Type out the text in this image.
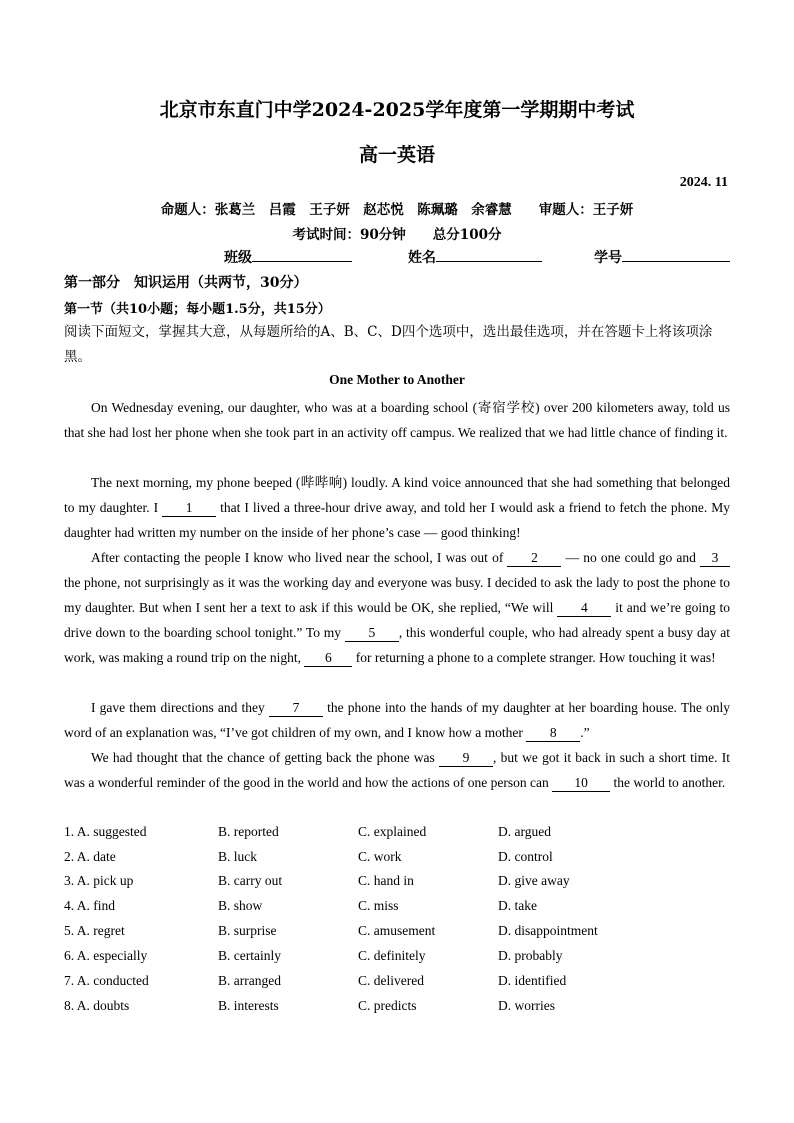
北京市东直门中学2024-2025学年度第一学期期中考试
高一英语
2024. 11
命题人：张葛兰　吕霞　王子妍　赵芯悦　陈珮璐　余睿慧　　审题人：王子妍
考试时间：90分钟　　总分100分
班级	姓名	学号
第一部分　知识运用（共两节，30分）
第一节（共10小题；每小题1.5分，共15分）
阅读下面短文，掌握其大意，从每题所给的A、B、C、D四个选项中，选出最佳选项，并在答题卡上将该项涂黑。
One Mother to Another
On Wednesday evening, our daughter, who was at a boarding school (寄宿学校) over 200 kilometers away, told us that she had lost her phone when she took part in an activity off campus. We realized that we had little chance of finding it.
The next morning, my phone beeped (哔哔响) loudly. A kind voice announced that she had something that belonged to my daughter. I 1 that I lived a three-hour drive away, and told her I would ask a friend to fetch the phone. My daughter had written my number on the inside of her phone’s case — good thinking!
After contacting the people I know who lived near the school, I was out of 2 — no one could go and 3 the phone, not surprisingly as it was the working day and everyone was busy. I decided to ask the lady to post the phone to my daughter. But when I sent her a text to ask if this would be OK, she replied, “We will 4 it and we’re going to drive down to the boarding school tonight.” To my 5 , this wonderful couple, who had already spent a busy day at work, was making a round trip on the night, 6 for returning a phone to a complete stranger. How touching it was!
I gave them directions and they 7 the phone into the hands of my daughter at her boarding house. The only word of an explanation was, “I’ve got children of my own, and I know how a mother 8 .”
We had thought that the chance of getting back the phone was 9 , but we got it back in such a short time. It was a wonderful reminder of the good in the world and how the actions of one person can 10 the world to another.
1. A. suggested	B. reported	C. explained	D. argued
2. A. date	B. luck	C. work	D. control
3. A. pick up	B. carry out	C. hand in	D. give away
4. A. find	B. show	C. miss	D. take
5. A. regret	B. surprise	C. amusement	D. disappointment
6. A. especially	B. certainly	C. definitely	D. probably
7. A. conducted	B. arranged	C. delivered	D. identified
8. A. doubts	B. interests	C. predicts	D. worries
